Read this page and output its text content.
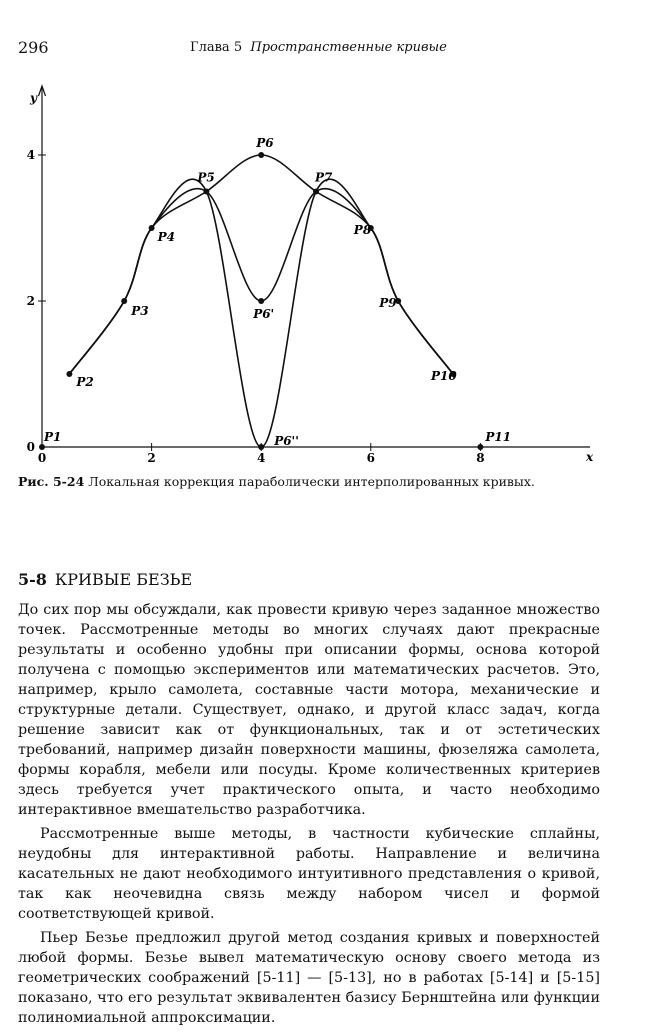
296	Глава 5 Пространственные кривые
x
y
0	2	4	6	8
0
2
4
P1
P2
P3
P4
P5
P6
P7
P8
P9
P10
P11
P6'
P6''
Рис. 5-24 Локальная коррекция параболически интерполированных кривых.
5-8 КРИВЫЕ БЕЗЬЕ

До сих пор мы обсуждали, как провести кривую через заданное множество точек. Рассмотренные методы во многих случаях дают прекрасные результаты и особенно удобны при описании формы, основа которой получена с помощью экспериментов или математических расчетов. Это, например, крыло самолета, составные части мотора, механические и структурные детали. Существует, однако, и другой класс задач, когда решение зависит как от функциональных, так и от эстетических требований, например дизайн поверхности машины, фюзеляжа самолета, формы корабля, мебели или посуды. Кроме количественных критериев здесь требуется учет практического опыта, и часто необходимо интерактивное вмешательство разработчика.

Рассмотренные выше методы, в частности кубические сплайны, неудобны для интерактивной работы. Направление и величина касательных не дают необходимого интуитивного представления о кривой, так как неочевидна связь между набором чисел и формой соответствующей кривой.

Пьер Безье предложил другой метод создания кривых и поверхностей любой формы. Безье вывел математическую основу своего метода из геометрических соображений [5-11] — [5-13], но в работах [5-14] и [5-15] показано, что его результат эквивалентен базису Бернштейна или функции полиномиальной аппроксимации.
